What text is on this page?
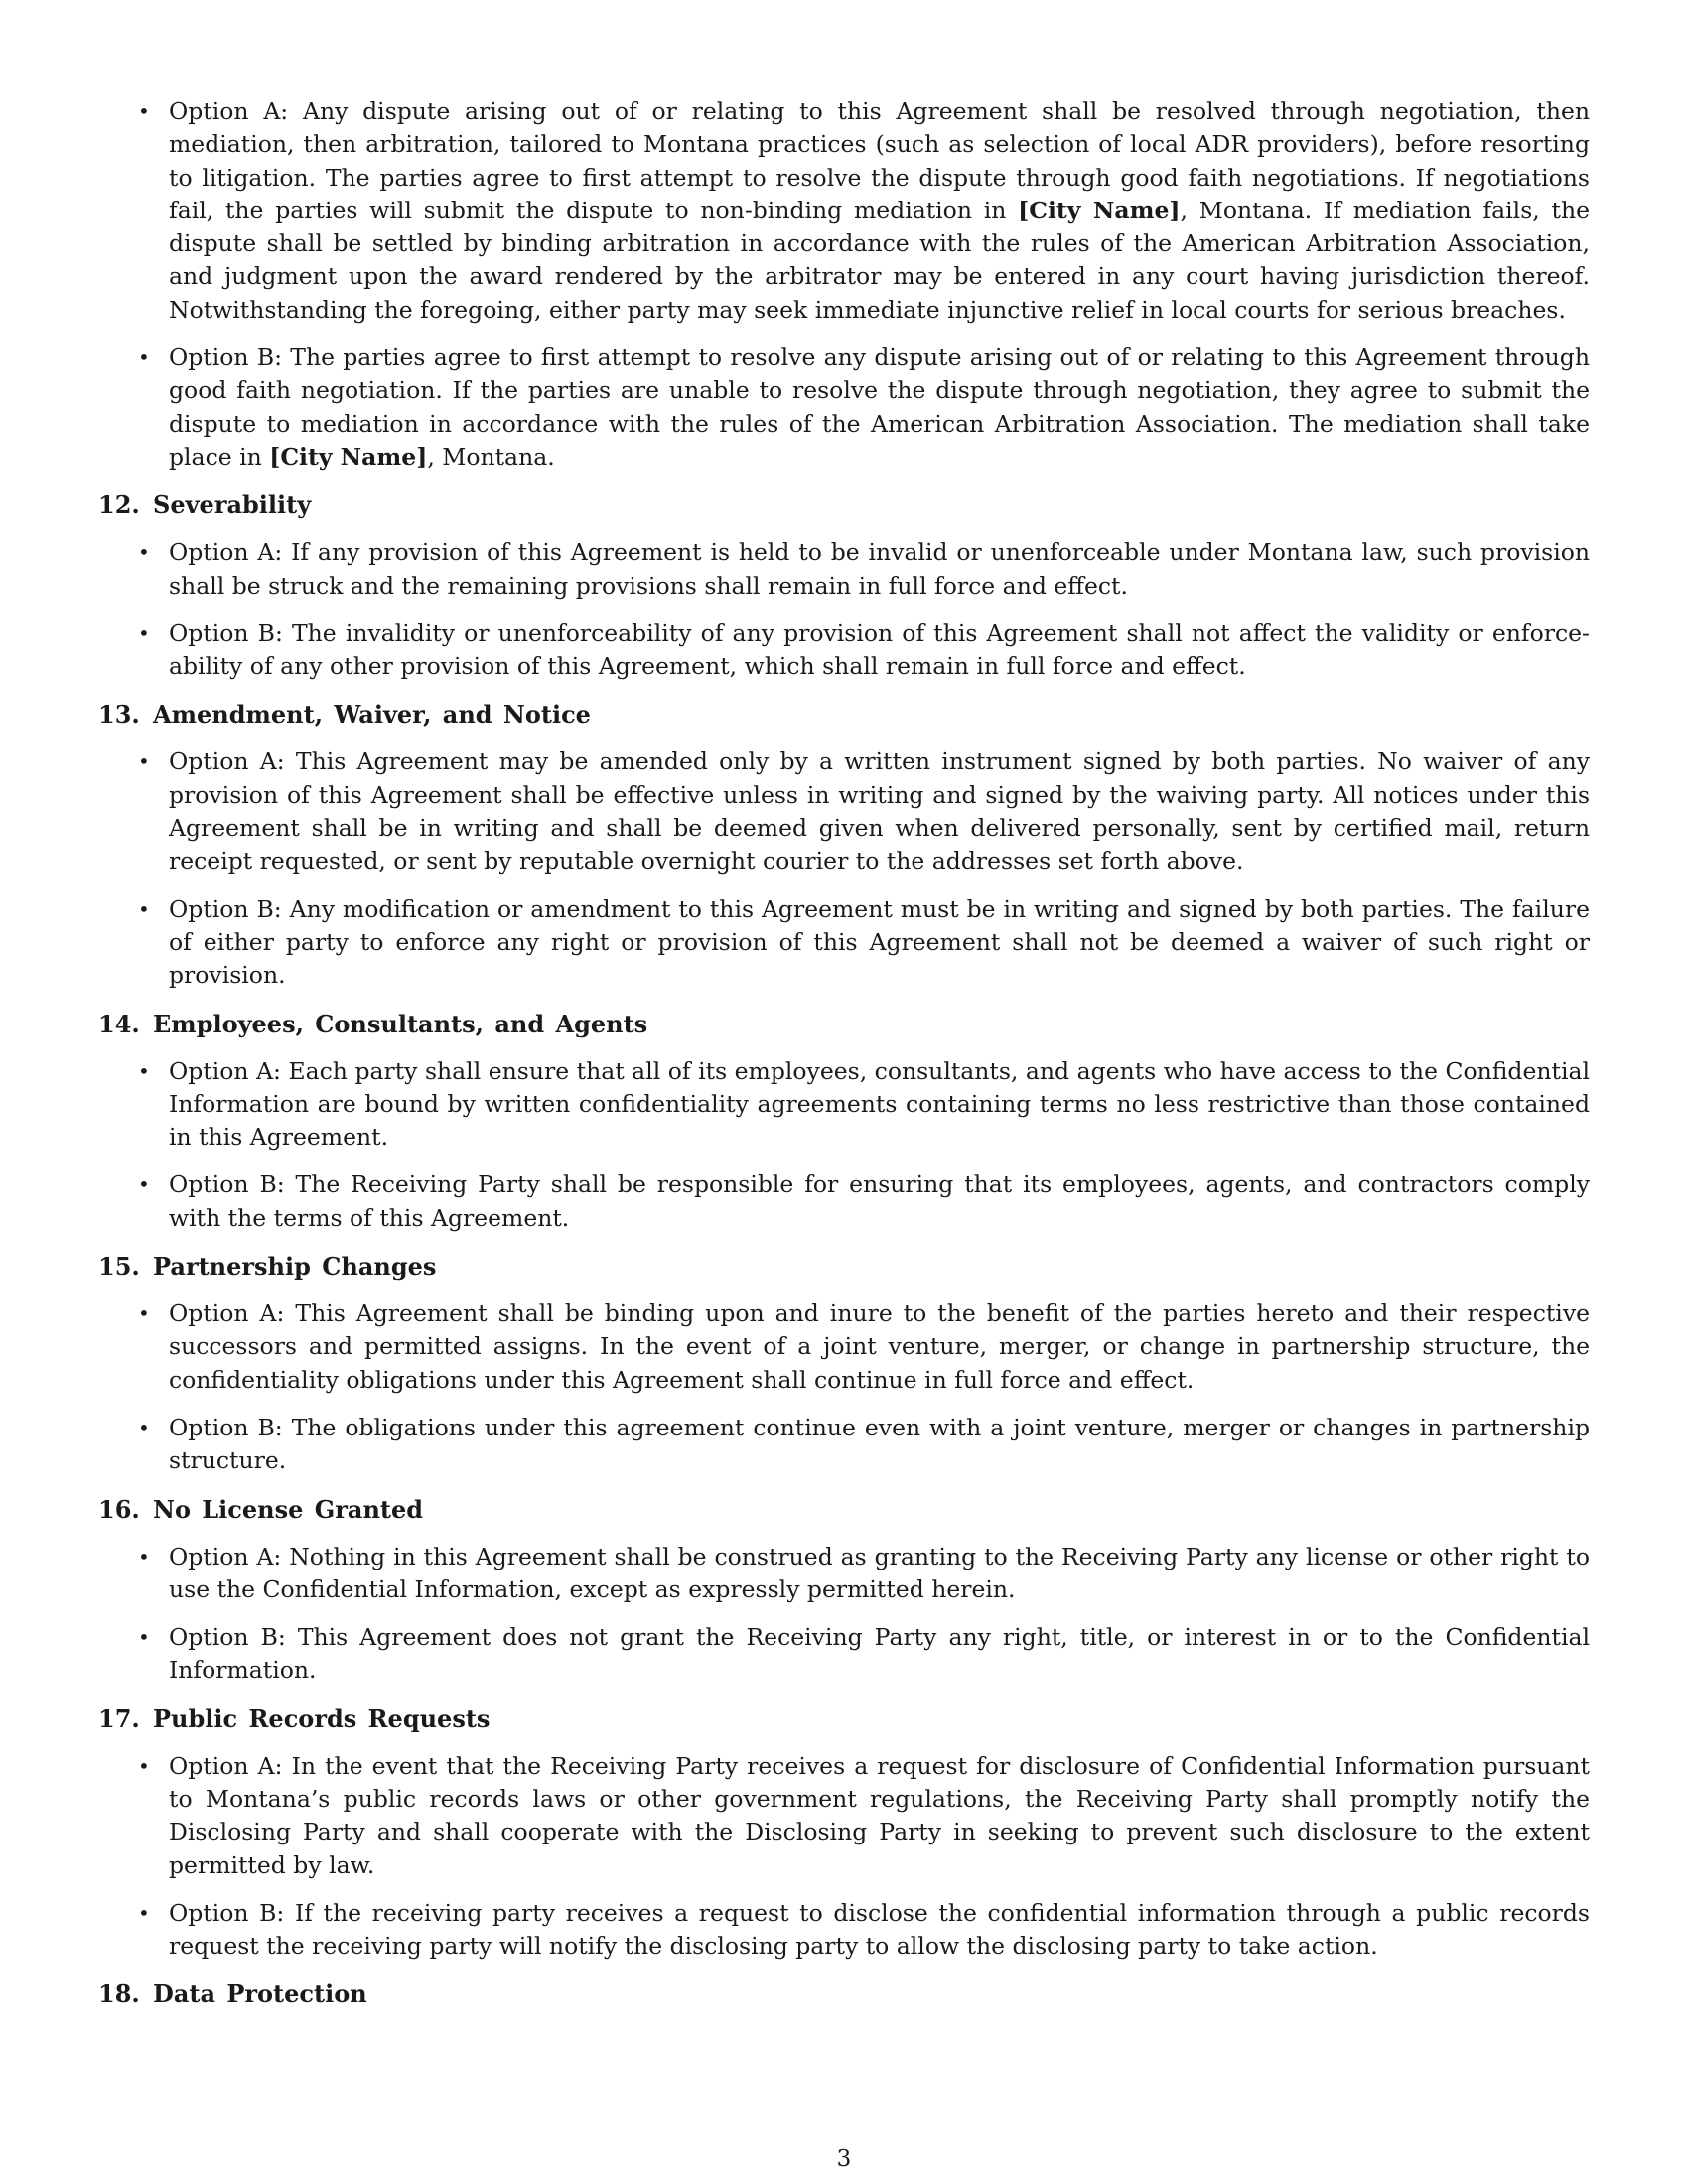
• Option A: Any dispute arising out of or relating to this Agreement shall be resolved through negotiation, then mediation, then arbitration, tailored to Montana practices (such as selection of local ADR providers), before resorting to litigation. The parties agree to first attempt to resolve the dispute through good faith negotiations. If negotiations fail, the parties will submit the dispute to non-binding mediation in [City Name], Montana. If mediation fails, the dispute shall be settled by binding arbitration in accordance with the rules of the American Arbitration Association, and judgment upon the award rendered by the arbitrator may be entered in any court having jurisdiction thereof. Notwithstanding the foregoing, either party may seek immediate injunctive relief in local courts for serious breaches.
• Option B: The parties agree to first attempt to resolve any dispute arising out of or relating to this Agreement through good faith negotiation. If the parties are unable to resolve the dispute through negotiation, they agree to submit the dispute to mediation in accordance with the rules of the American Arbitration Association. The mediation shall take place in [City Name], Montana.
12. Severability
• Option A: If any provision of this Agreement is held to be invalid or unenforceable under Montana law, such provision shall be struck and the remaining provisions shall remain in full force and effect.
• Option B: The invalidity or unenforceability of any provision of this Agreement shall not affect the validity or enforceability of any other provision of this Agreement, which shall remain in full force and effect.
13. Amendment, Waiver, and Notice
• Option A: This Agreement may be amended only by a written instrument signed by both parties. No waiver of any provision of this Agreement shall be effective unless in writing and signed by the waiving party. All notices under this Agreement shall be in writing and shall be deemed given when delivered personally, sent by certified mail, return receipt requested, or sent by reputable overnight courier to the addresses set forth above.
• Option B: Any modification or amendment to this Agreement must be in writing and signed by both parties. The failure of either party to enforce any right or provision of this Agreement shall not be deemed a waiver of such right or provision.
14. Employees, Consultants, and Agents
• Option A: Each party shall ensure that all of its employees, consultants, and agents who have access to the Confidential Information are bound by written confidentiality agreements containing terms no less restrictive than those contained in this Agreement.
• Option B: The Receiving Party shall be responsible for ensuring that its employees, agents, and contractors comply with the terms of this Agreement.
15. Partnership Changes
• Option A: This Agreement shall be binding upon and inure to the benefit of the parties hereto and their respective successors and permitted assigns. In the event of a joint venture, merger, or change in partnership structure, the confidentiality obligations under this Agreement shall continue in full force and effect.
• Option B: The obligations under this agreement continue even with a joint venture, merger or changes in partnership structure.
16. No License Granted
• Option A: Nothing in this Agreement shall be construed as granting to the Receiving Party any license or other right to use the Confidential Information, except as expressly permitted herein.
• Option B: This Agreement does not grant the Receiving Party any right, title, or interest in or to the Confidential Information.
17. Public Records Requests
• Option A: In the event that the Receiving Party receives a request for disclosure of Confidential Information pursuant to Montana’s public records laws or other government regulations, the Receiving Party shall promptly notify the Disclosing Party and shall cooperate with the Disclosing Party in seeking to prevent such disclosure to the extent permitted by law.
• Option B: If the receiving party receives a request to disclose the confidential information through a public records request the receiving party will notify the disclosing party to allow the disclosing party to take action.
18. Data Protection
3
